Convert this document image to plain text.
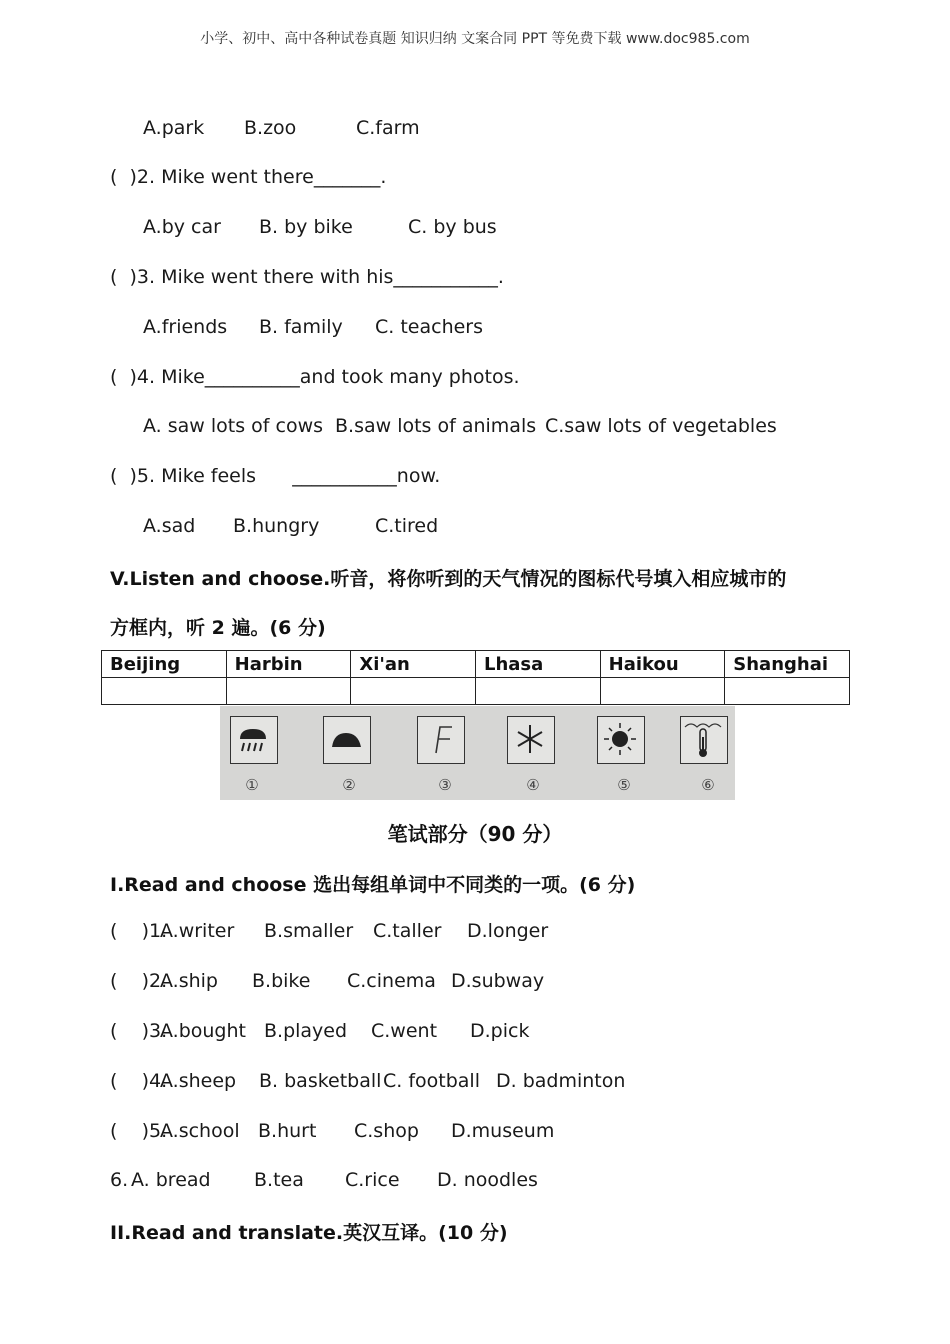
小学、初中、高中各种试卷真题 知识归纳 文案合同 PPT 等免费下载 www.doc985.com
A.park B.zoo	C.farm
(  )2. Mike went there_______.
A.by car B. by bike	C. by bus
(  )3. Mike went there with his___________.
A.friends B. family C. teachers
(  )4. Mike__________and took many photos.
A. saw lots of cows B.saw lots of animals C.saw lots of vegetables
(  )5. Mike feels      ___________now.
A.sad B.hungry	C.tired
V.Listen and choose.听音，将你听到的天气情况的图标代号填入相应城市的
方框内，听 2 遍。(6 分)
Beijing	Harbin	Xi'an	Lhasa	Haikou	Shanghai

①	②	③	④	⑤	⑥
笔试部分（90 分）
I.Read and choose 选出每组单词中不同类的一项。(6 分)
(    )1.
A.writer B.smaller C.taller D.longer
(    )2.
A.ship B.bike C.cinema D.subway
(    )3.
A.bought B.played C.went D.pick
(    )4.
A.sheep B. basketball C. football D. badminton
(    )5.
A.school B.hurt C.shop D.museum
6.
A. bread B.tea C.rice D. noodles
II.Read and translate.英汉互译。(10 分)
